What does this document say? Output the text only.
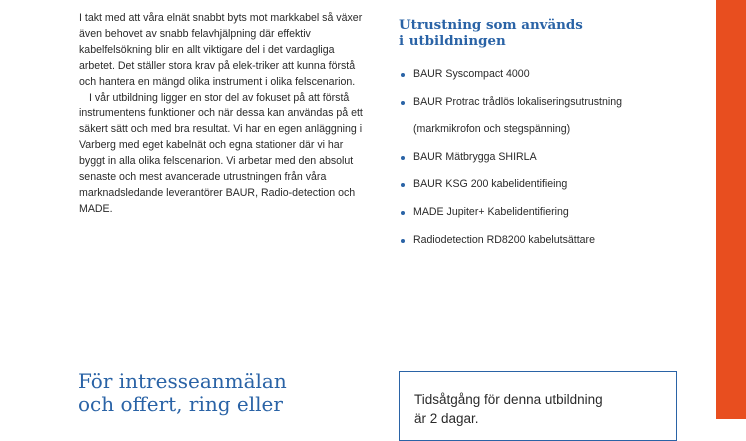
I takt med att våra elnät snabbt byts mot markkabel så växer även behovet av snabb felavhjälpning där effektiv kabelfelsökning blir en allt viktigare del i det vardagliga arbetet. Det ställer stora krav på elek-triker att kunna förstå och hantera en mängd olika instrument i olika felscenarion.

I vår utbildning ligger en stor del av fokuset på att förstå instrumentens funktioner och när dessa kan användas på ett säkert sätt och med bra resultat. Vi har en egen anläggning i Varberg med eget kabelnät och egna stationer där vi har byggt in alla olika felscenarion. Vi arbetar med den absolut senaste och mest avancerade utrustningen från våra marknadsledande leverantörer BAUR, Radio-detection och MADE.

Utrustning som används
i utbildningen
BAUR Syscompact 4000
BAUR Protrac trådlös lokaliseringsutrustning
(markmikrofon och stegspänning)
BAUR Mätbrygga SHIRLA
BAUR KSG 200 kabelidentifieing
MADE Jupiter+ Kabelidentifiering
Radiodetection RD8200 kabelutsättare
För intresseanmälan
och offert, ring eller	Tidsåtgång för denna utbildning
är 2 dagar.
